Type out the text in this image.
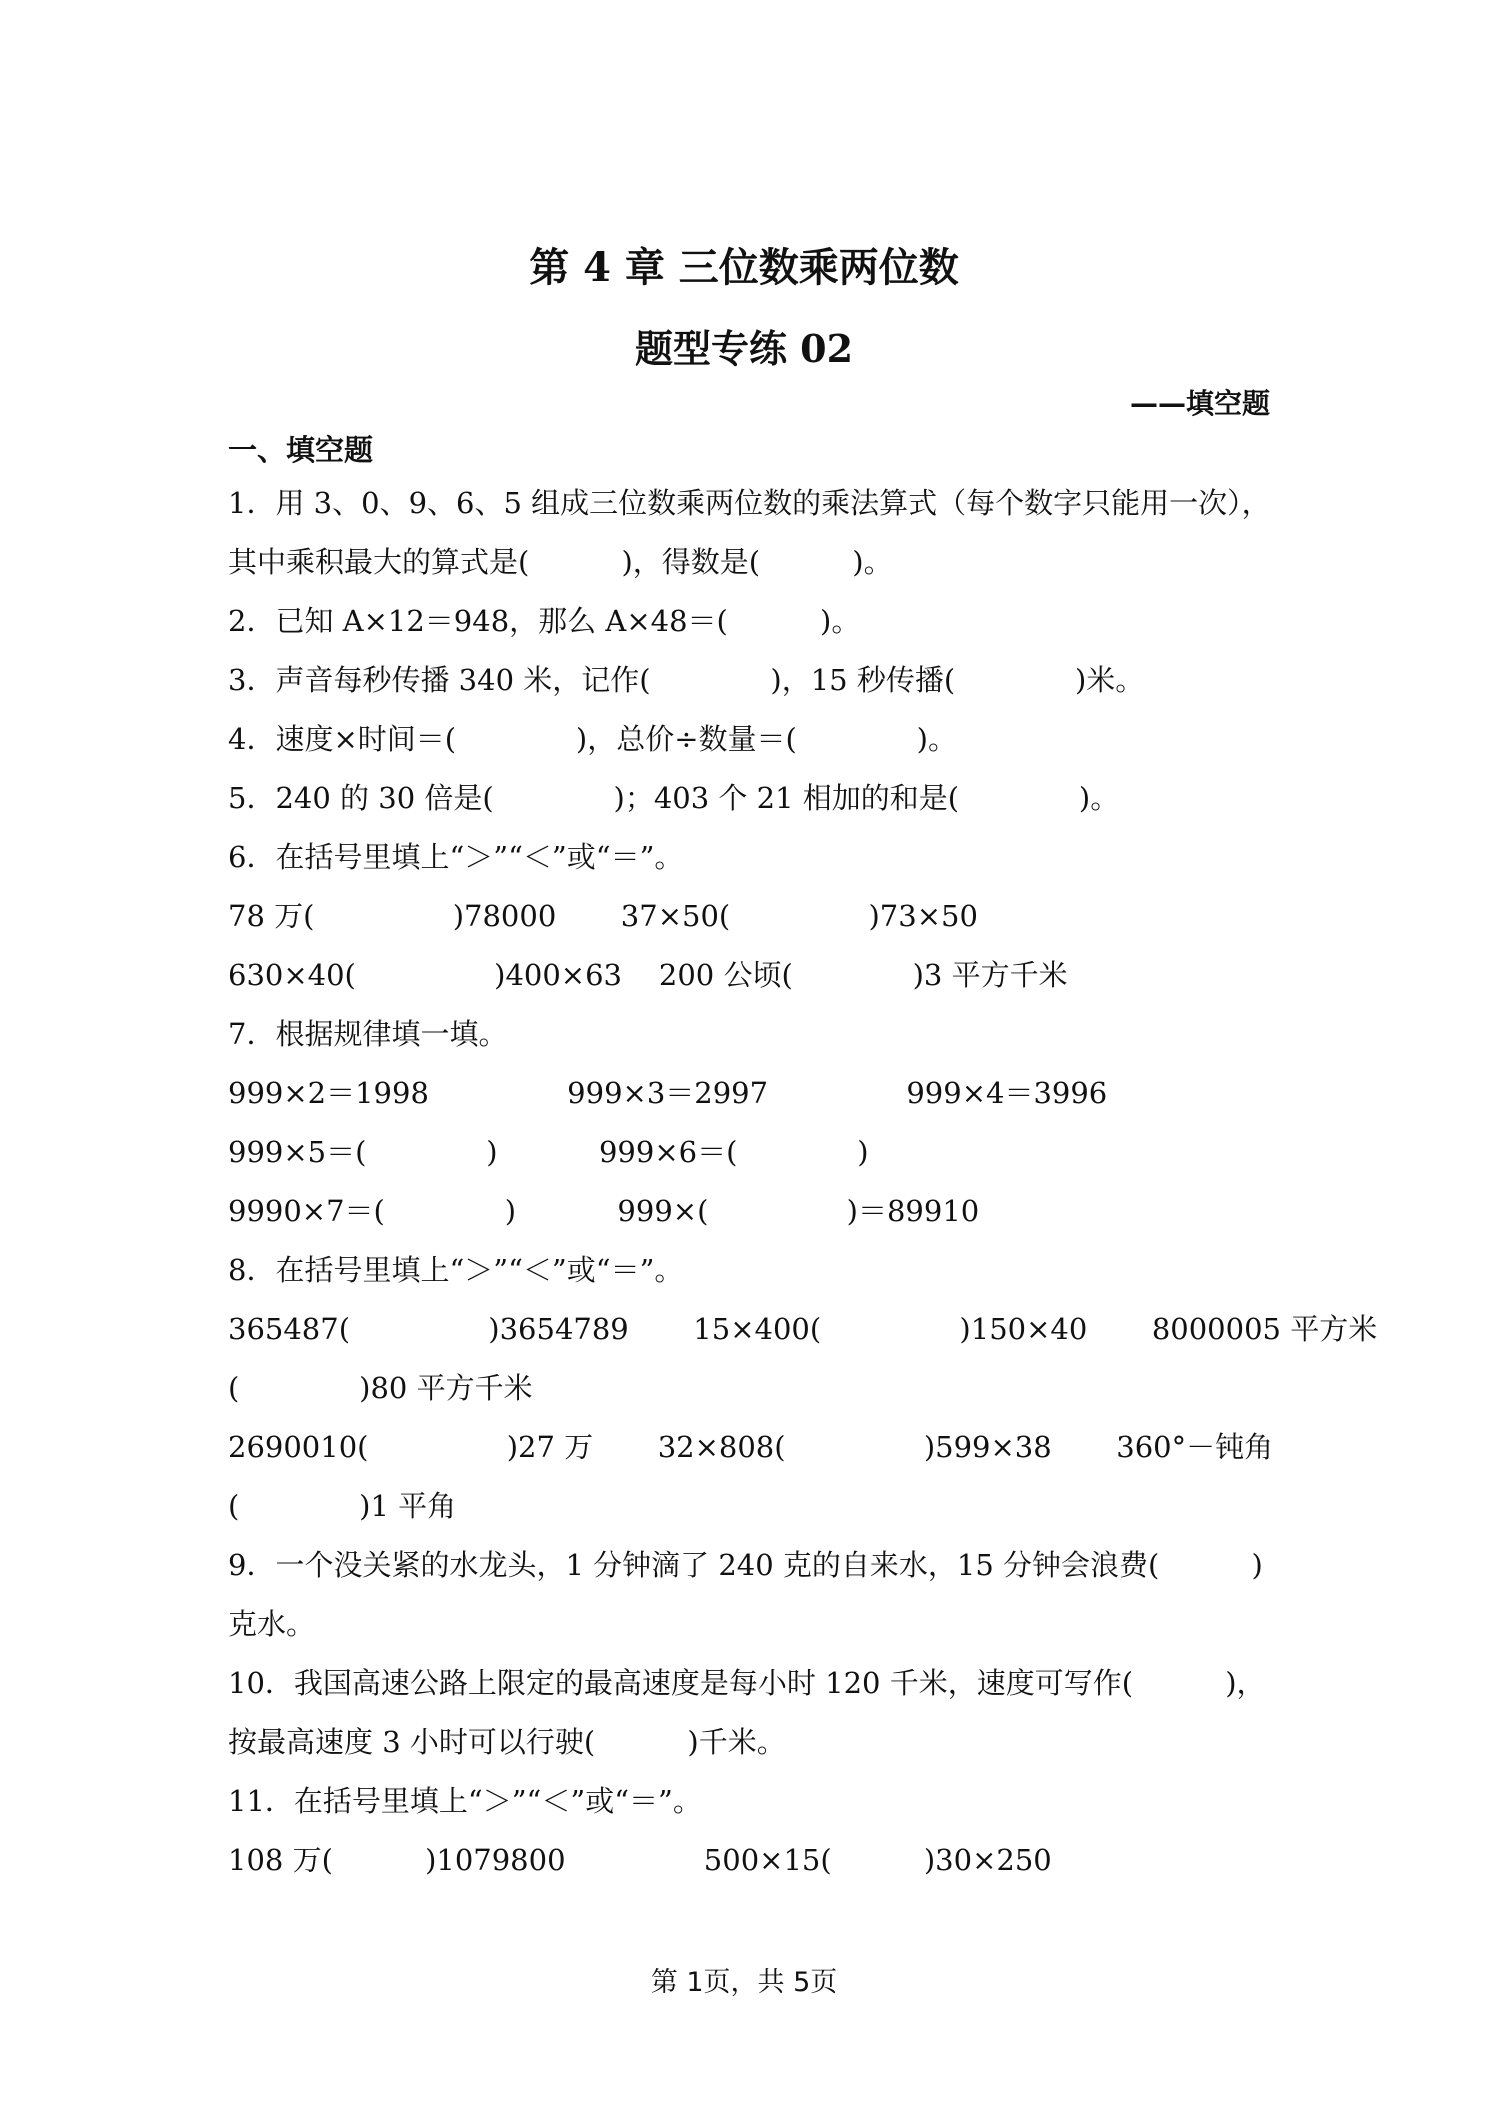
第 4 章 三位数乘两位数
题型专练 02
——填空题
一、填空题
1．用 3、0、9、6、5 组成三位数乘两位数的乘法算式（每个数字只能用一次），
其中乘积最大的算式是(          )，得数是(          )。
2．已知 A×12＝948，那么 A×48＝(          )。
3．声音每秒传播 340 米，记作(             )，15 秒传播(             )米。
4．速度×时间＝(             )，总价÷数量＝(             )。
5．240 的 30 倍是(             )；403 个 21 相加的和是(             )。
6．在括号里填上“＞”“＜”或“＝”。
78 万(               )78000       37×50(               )73×50
630×40(               )400×63    200 公顷(             )3 平方千米
7．根据规律填一填。
999×2＝1998               999×3＝2997               999×4＝3996
999×5＝(             )           999×6＝(             )
9990×7＝(             )           999×(               )＝89910
8．在括号里填上“＞”“＜”或“＝”。
365487(               )3654789       15×400(               )150×40       8000005 平方米
(             )80 平方千米
2690010(               )27 万       32×808(               )599×38       360°－钝角
(             )1 平角
9．一个没关紧的水龙头，1 分钟滴了 240 克的自来水，15 分钟会浪费(          )
克水。
10．我国高速公路上限定的最高速度是每小时 120 千米，速度可写作(          )，
按最高速度 3 小时可以行驶(          )千米。
11．在括号里填上“＞”“＜”或“＝”。
108 万(          )1079800               500×15(          )30×250
第 1页，共 5页
